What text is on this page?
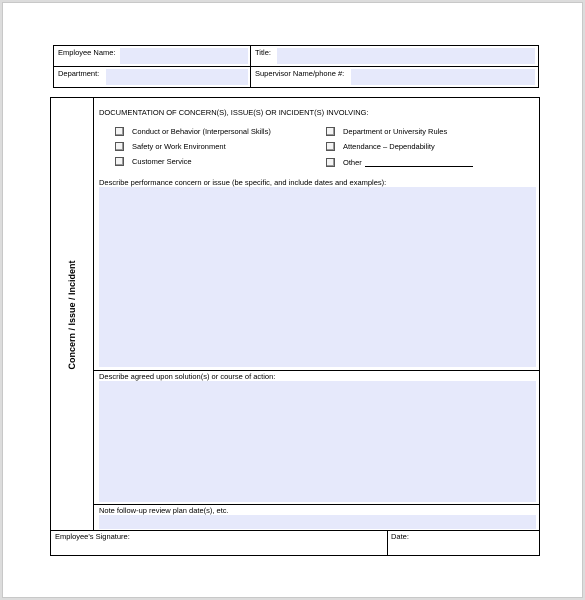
Employee Name:	Title:
Department:	Supervisor Name/phone #:
Concern / Issue / Incident
DOCUMENTATION OF CONCERN(S), ISSUE(S) OR INCIDENT(S) INVOLVING:
Conduct or Behavior (Interpersonal Skills)
Safety or Work Environment
Customer Service
Department or University Rules
Attendance – Dependability
Other
Describe performance concern or issue (be specific, and include dates and examples):
Describe agreed upon solution(s) or course of action:
Note follow-up review plan date(s), etc.
Employee's Signature:	Date:
